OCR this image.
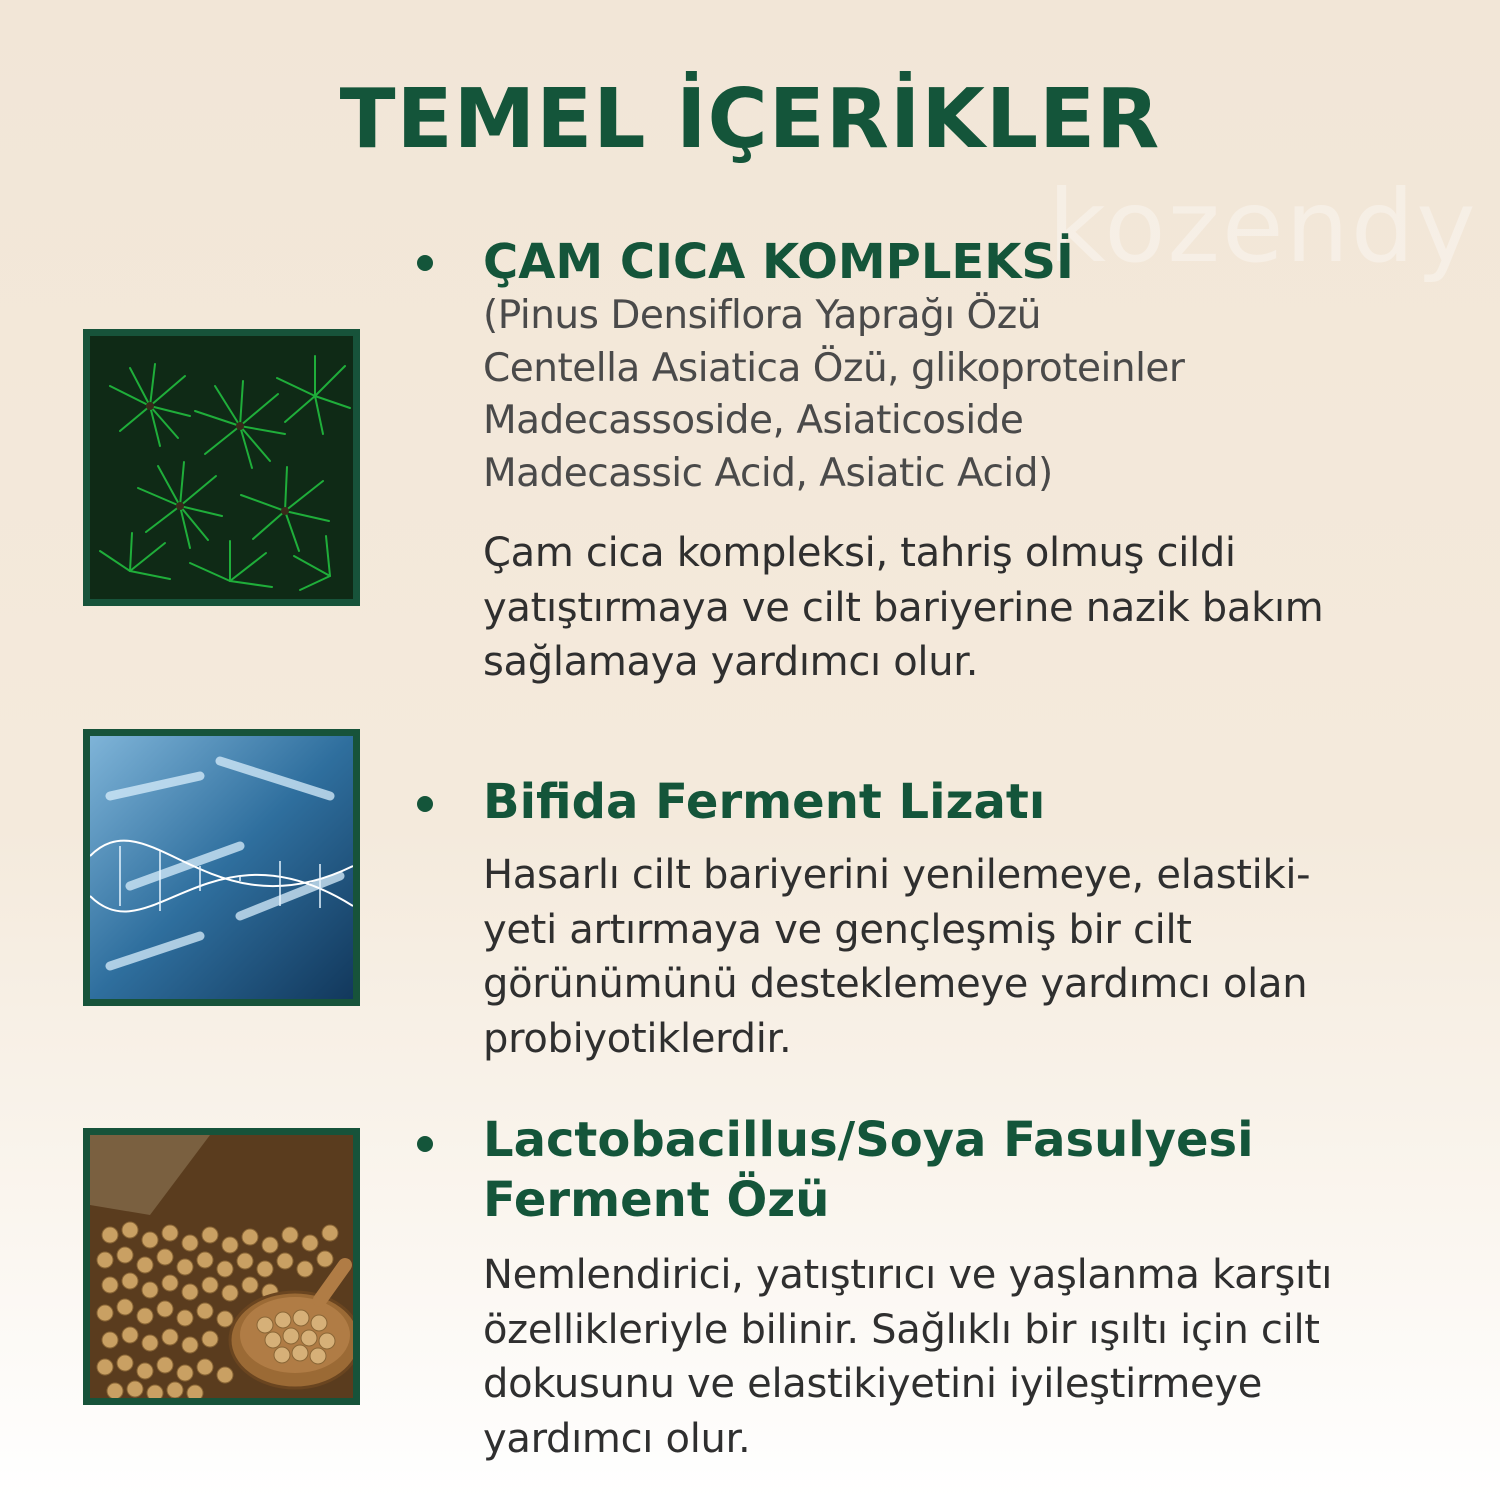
TEMEL İÇERİKLER
kozendy
ÇAM CICA KOMPLEKSİ
(Pinus Densiflora Yaprağı Özü
Centella Asiatica Özü, glikoproteinler
Madecassoside, Asiaticoside
Madecassic Acid, Asiatic Acid)
Çam cica kompleksi, tahriş olmuş cildi
yatıştırmaya ve cilt bariyerine nazik bakım
sağlamaya yardımcı olur.
Bifida Ferment Lizatı
Hasarlı cilt bariyerini yenilemeye, elastiki-
yeti artırmaya ve gençleşmiş bir cilt
görünümünü desteklemeye yardımcı olan
probiyotiklerdir.
Lactobacillus/Soya Fasulyesi
Ferment Özü
Nemlendirici, yatıştırıcı ve yaşlanma karşıtı
özellikleriyle bilinir. Sağlıklı bir ışıltı için cilt
dokusunu ve elastikiyetini iyileştirmeye
yardımcı olur.
